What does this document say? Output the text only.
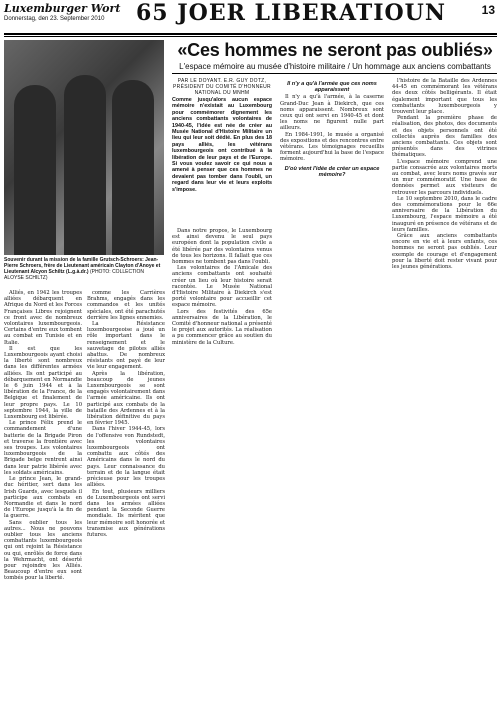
Luxemburger Wort
Donnerstag, den 23. September 2010	65 JOER LIBERATIOUN	13
Souvenir durant la mission de la famille Grutsch-Schroers: Jean-Pierre Schroers, frère de Lieutenant américain Clayton d'Anoye et Lieutenant Alcyon Schiltz (L.g.à.dr.) (PHOTO: COLLECTION ALOYSE SCHILTZ)
«Ces hommes ne seront pas oubliés»
L'espace mémoire au musée d'histoire militaire / Un hommage aux anciens combattants
PAR LE DOYANT. E.R. GUY DOTZ, PRÉSIDENT DU COMITÉ D'HONNEUR NATIONAL DU MNHM
Comme jusqu'alors aucun espace mémoire n'existait au Luxembourg pour commémorer dignement les anciens combattants volontaires de 1940-45, l'idée est née de créer au Musée National d'Histoire Militaire un lieu qui leur soit dédié. En plus des 18 pays alliés, les vétérans luxembourgeois ont contribué à la libération de leur pays et de l'Europe. Si vous voulez savoir ce qui nous a amené à penser que ces hommes ne devaient pas tomber dans l'oubli, un regard dans leur vie et leurs exploits s'impose.

Alliés, en 1942 les troupes alliées débarquent en Afrique du Nord et les Forces Françaises Libres rejoignent ce front avec de nombreux volontaires luxembourgeois. Certains d'entre eux tombent au combat en Tunisie et en Italie.

Il est que les Luxembourgeois ayant choisi la liberté sont nombreux dans les différentes armées alliées. Ils ont participé au débarquement en Normandie le 6 juin 1944 et à la libération de la France, de la Belgique et finalement de leur propre pays. Le 10 septembre 1944, la ville de Luxembourg est libérée.

Le prince Félix prend le commandement d'une batterie de la Brigade Piron et traverse la frontière avec ses troupes. Les volontaires luxembourgeois de la Brigade belge rentrent ainsi dans leur patrie libérée avec les soldats américains.

Le prince Jean, le grand-duc héritier, sert dans les Irish Guards, avec lesquels il participe aux combats en Normandie et dans le nord de l'Europe jusqu'à la fin de la guerre.

Sans oublier tous les autres... Nous ne pouvons oublier tous les anciens combattants luxembourgeois qui ont rejoint la Résistance ou qui, enrôlés de force dans la Wehrmacht, ont déserté pour rejoindre les Alliés. Beaucoup d'entre eux sont tombés pour la liberté.

comme les Carrières Brahms, engagés dans les commandos et les unités spéciales, ont été parachutés derrière les lignes ennemies.

La Résistance luxembourgeoise a joué un rôle important dans le renseignement et le sauvetage de pilotes alliés abattus. De nombreux résistants ont payé de leur vie leur engagement.

Après la libération, beaucoup de jeunes Luxembourgeois se sont engagés volontairement dans l'armée américaine. Ils ont participé aux combats de la bataille des Ardennes et à la libération définitive du pays en février 1945.

Dans l'hiver 1944-45, lors de l'offensive von Rundstedt, les volontaires luxembourgeois ont combattu aux côtés des Américains dans le nord du pays. Leur connaissance du terrain et de la langue était précieuse pour les troupes alliées.

En tout, plusieurs milliers de Luxembourgeois ont servi dans les armées alliées pendant la Seconde Guerre mondiale. Ils méritent que leur mémoire soit honorée et transmise aux générations futures.

Dans notre propos, le Luxembourg est ainsi devenu le seul pays européen dont la population civile a été libérée par des volontaires venus de tous les horizons. Il fallait que ces hommes ne tombent pas dans l'oubli.

Les volontaires de l'Amicale des anciens combattants ont souhaité créer un lieu où leur histoire serait racontée. Le Musée National d'Histoire Militaire à Diekirch s'est porté volontaire pour accueillir cet espace mémoire.

Lors des festivités des 65e anniversaires de la Libération, le Comité d'honneur national a présenté le projet aux autorités. La réalisation a pu commencer grâce au soutien du ministère de la Culture.

Il n'y a qu'à l'armée que ces noms apparaissent

Il n'y a qu'à l'armée, à la caserne Grand-Duc Jean à Diekirch, que ces noms apparaissent. Nombreux sont ceux qui ont servi en 1940-45 et dont les noms ne figurent nulle part ailleurs.

En 1984-1991, le musée a organisé des expositions et des rencontres entre vétérans. Les témoignages recueillis forment aujourd'hui la base de l'espace mémoire.

D'où vient l'idée de créer un espace mémoire?

l'histoire de la Bataille des Ardennes 44-45 en commémorant les vétérans des deux côtés belligérants. Il était également important que tous les combattants luxembourgeois y trouvent leur place.

Pendant la première phase de réalisation, des photos, des documents et des objets personnels ont été collectés auprès des familles des anciens combattants. Ces objets sont présentés dans des vitrines thématiques.

L'espace mémoire comprend une partie consacrée aux volontaires morts au combat, avec leurs noms gravés sur un mur commémoratif. Une base de données permet aux visiteurs de retrouver les parcours individuels.

Le 10 septembre 2010, dans le cadre des commémorations pour le 66e anniversaire de la Libération du Luxembourg, l'espace mémoire a été inauguré en présence de vétérans et de leurs familles.

Grâce aux anciens combattants encore en vie et à leurs enfants, ces hommes ne seront pas oubliés. Leur exemple de courage et d'engagement pour la liberté doit rester vivant pour les jeunes générations.
